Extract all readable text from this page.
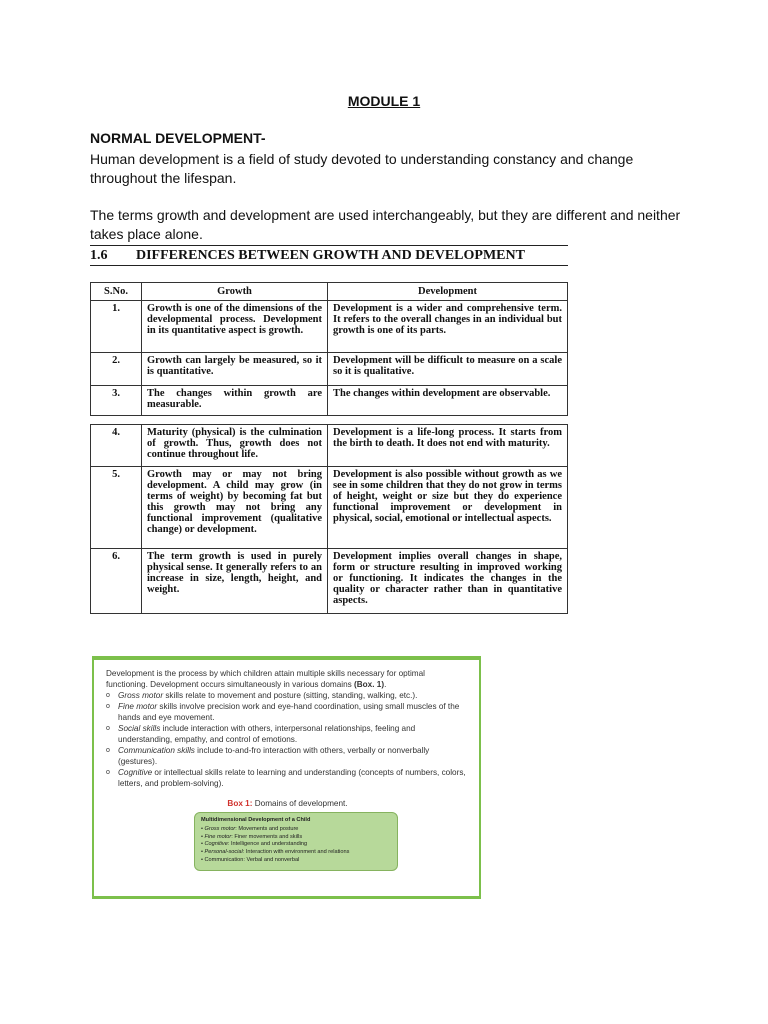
MODULE 1
NORMAL DEVELOPMENT-
Human development is a field of study devoted to understanding constancy and change throughout the lifespan.
The terms growth and development are used interchangeably, but they are different and neither takes place alone.
1.6	DIFFERENCES BETWEEN GROWTH AND DEVELOPMENT
S.No.	Growth	Development
1.	Growth is one of the dimensions of the developmental process. Development in its quantitative aspect is growth.	Development is a wider and comprehensive term. It refers to the overall changes in an individual but growth is one of its parts.
2.	Growth can largely be measured, so it is quantitative.	Development will be difficult to measure on a scale so it is qualitative.
3.	The changes within growth are measurable.	The changes within development are observable.
4.	Maturity (physical) is the culmination of growth. Thus, growth does not continue throughout life.	Development is a life-long process. It starts from the birth to death. It does not end with maturity.
5.	Growth may or may not bring development. A child may grow (in terms of weight) by becoming fat but this growth may not bring any functional improvement (qualitative change) or development.	Development is also possible without growth as we see in some children that they do not grow in terms of height, weight or size but they do experience functional improvement or development in physical, social, emotional or intellectual aspects.
6.	The term growth is used in purely physical sense. It generally refers to an increase in size, length, height, and weight.	Development implies overall changes in shape, form or structure resulting in improved working or functioning. It indicates the changes in the quality or character rather than in quantitative aspects.

Development is the process by which children attain multiple skills necessary for optimal functioning. Development occurs simultaneously in various domains (Box. 1).

o Gross motor skills relate to movement and posture (sitting, standing, walking, etc.).
o Fine motor skills involve precision work and eye-hand coordination, using small muscles of the hands and eye movement.
o Social skills include interaction with others, interpersonal relationships, feeling and understanding, empathy, and control of emotions.
o Communication skills include to-and-fro interaction with others, verbally or nonverbally (gestures).
o Cognitive or intellectual skills relate to learning and understanding (concepts of numbers, colors, letters, and problem-solving).

Box 1: Domains of development.

Multidimensional Development of a Child
• Gross motor: Movements and posture
• Fine motor: Finer movements and skills
• Cognitive: Intelligence and understanding
• Personal-social: Interaction with environment and relations
• Communication: Verbal and nonverbal
